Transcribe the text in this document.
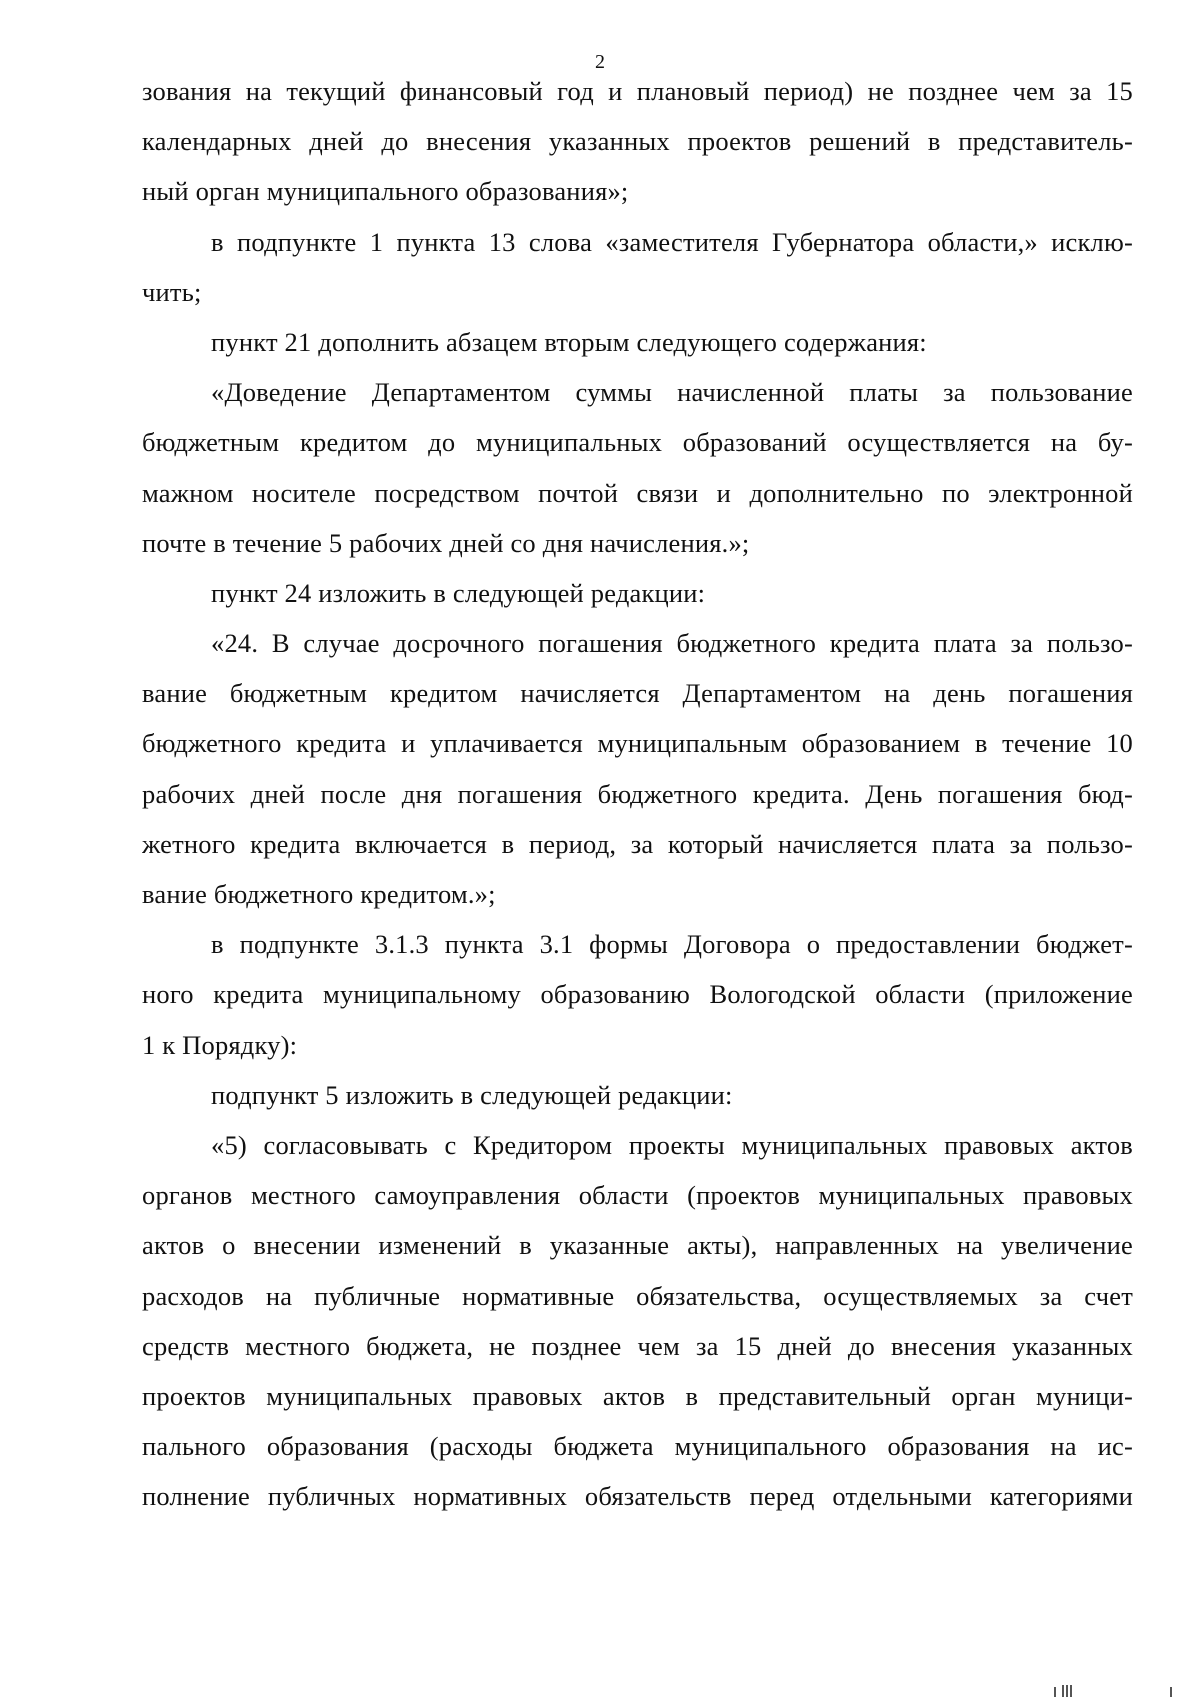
2
зования на текущий финансовый год и плановый период) не позднее чем за 15
календарных дней до внесения указанных проектов решений в представитель-
ный орган муниципального образования»;
в подпункте 1 пункта 13 слова «заместителя Губернатора области,» исклю-
чить;
пункт 21 дополнить абзацем вторым следующего содержания:
«Доведение Департаментом суммы начисленной платы за пользование
бюджетным кредитом до муниципальных образований осуществляется на бу-
мажном носителе посредством почтой связи и дополнительно по электронной
почте в течение 5 рабочих дней со дня начисления.»;
пункт 24 изложить в следующей редакции:
«24. В случае досрочного погашения бюджетного кредита плата за пользо-
вание бюджетным кредитом начисляется Департаментом на день погашения
бюджетного кредита и уплачивается муниципальным образованием в течение 10
рабочих дней после дня погашения бюджетного кредита. День погашения бюд-
жетного кредита включается в период, за который начисляется плата за пользо-
вание бюджетного кредитом.»;
в подпункте 3.1.3 пункта 3.1 формы Договора о предоставлении бюджет-
ного кредита муниципальному образованию Вологодской области (приложение
1 к Порядку):
подпункт 5 изложить в следующей редакции:
«5) согласовывать с Кредитором проекты муниципальных правовых актов
органов местного самоуправления области (проектов муниципальных правовых
актов о внесении изменений в указанные акты), направленных на увеличение
расходов на публичные нормативные обязательства, осуществляемых за счет
средств местного бюджета, не позднее чем за 15 дней до внесения указанных
проектов муниципальных правовых актов в представительный орган муници-
пального образования (расходы бюджета муниципального образования на ис-
полнение публичных нормативных обязательств перед отдельными категориями
